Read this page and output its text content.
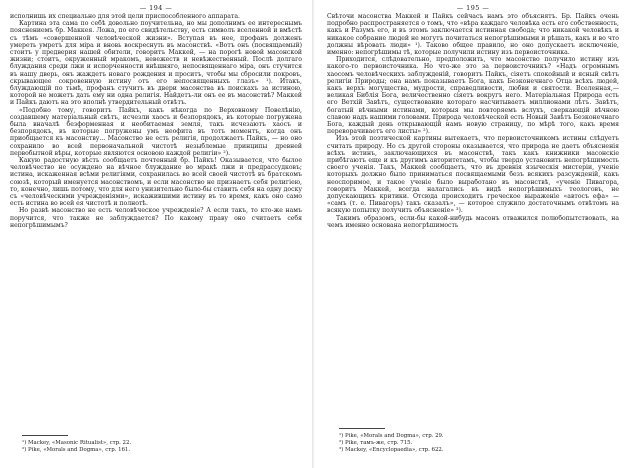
— 194 —

исполнишь их специально для этой цели приспособленного аппарата.

Картина эта сама по себѣ довольно поучительна, но мы дополнимъ ее интереснымъ пояснениемъ бр. Маккея. Ложа, по его свидѣтельству, есть символъ вселенной и вмѣстѣ съ тѣмъ «совершенной человѣческой жизни». Вступая въ нее, профанъ долженъ умереть умретъ для міра и вновь воскреснуть въ масонствѣ. «Вотъ онъ (посвящаемый) стоитъ у предверия нашей обители, говоритъ Маккей, — на порогѣ новой масонской жизни; стоитъ, окруженный мракомъ, невежеств и невѣжественный. Послѣ долгаго блуждания среди лжи и испорченности внѣшняго, непосвященнаго міра, онъ стучится въ нашу дверь, онъ жаждетъ новаго рождения и проситъ, чтобы мы сбросили покровъ, скрывающее сокровенную истину отъ его непосвященныхъ глазъ» ¹). Итакъ, блуждающій по тьмѣ, профанъ стучитъ въ двери масонства въ поискахъ за истиною, которой не можетъ дать ему ни одна религія. Найдетъ-ли онъ ее въ масонствѣ? Маккей и Пайкъ даютъ на это вполнѣ утвердительный отвѣтъ.

«Подобно тому, говоритъ Пайкъ, какъ нѣкогда по Верховному Повелѣнію, создавшему матеріальный свѣтъ, исчезли хаосъ и безпорядокъ, въ которые погружена была вначалѣ безформенная и необитаемая земля, такъ исчезаютъ хаосъ и безпорядокъ, въ которые погружены умъ неофита въ тотъ моментъ, когда онъ приобщается къ масонству... Масонство не есть религія, продолжаетъ Пайкъ, — но оно сохранило во всей первоначальной чистотѣ незыблемые принципы древней первобытной вѣры, которые являются основою каждой религіи» ²).

Какую радостную вѣсть сообщаетъ почтенный бр. Пайкъ! Оказывается, что былое человѣчество не осуждено на вѣчное блуждание во мракѣ лжи и предрассудковъ; истина, искаженная всѣми религіями, сохранилась во всей своей чистотѣ въ братскомъ союзѣ, который именуется масонствомъ, и если масонство не признаетъ себя религіею, то, конечно, лишь потому, что для него унизительно было-бы ставить себя на одну доску съ «человѣческими учрежденіями», искажившими истину въ то время, какъ оно само есть истина во всей ея чистотѣ и полнотѣ.

Но развѣ масонство не есть человѣческое учрежденіе? А если такъ, то кто-же намъ поручится, что также не заблуждается? По какому праву оно считаетъ себя непогрѣшимымъ?

¹) Mackey, «Masonic Ritualist», стр. 22.
²) Pike, «Morals and Dogma», стр. 161.
— 195 —

Свѣточи масонства Маккей и Пайкъ сейчасъ намъ это объяснятъ. Бр. Пайкъ очень подробно распространяется о томъ, что «вѣра каждаго человѣка есть его собственность, какъ и Разумъ его, и въ этомъ заключается истинная свобода; что никакой человѣкъ и никакое собрание людей не могутъ почитаться непогрѣшимыми и рѣшать, какъ и во что должны вѣровать люди» ¹). Таково общее правило, но оно допускаетъ исключеніе, именно: непогрѣшимы тѣ, которые получили истину изъ первоисточника.

Приходится, слѣдовательно, предположить, что масонство получило истину изъ какого-то первоисточника. Но что-же это за первоисточникъ? «Надъ огромнымъ хаосомъ человѣческихъ заблужденій, говоритъ Пайкъ, сіяетъ спокойный и ясный свѣтъ религіи Природы; она намъ показываетъ Бога, какъ Безконечнаго Отца всѣхъ людей, какъ верхъ могущества, мудрости, справедливости, любви и святости. Вселенная,—великая Библія Бога, величественно сіяетъ вокругъ него. Матеріальная Природа есть его Ветхій Завѣтъ, существование котораго насчитываетъ миллионами лѣтъ. Завѣтъ, богатый вѣчными истинами, которыя мы повторяемъ вслухъ, сверкающій вѣчною славою надъ нашими головами. Природа человѣческой есть Новый Завѣтъ Безконечнаго Бога, каждый день открывающій намъ новую страницу, по мѣрѣ того, какъ время переворачиваетъ его листы» ²).

Изъ этой поэтической картины вытекаетъ, что первоисточникомъ истины слѣдуетъ считать природу. Но съ другой стороны оказывается, что природа не даетъ объясненія всѣхъ истинъ, заключающихся въ масонствѣ, такъ какъ книжники масонскіе прибѣгаютъ еще и къ другимъ авторитетамъ, чтобы твердо установить непогрѣшимость своего ученія. Такъ, Маккей сообщаетъ, что въ древнія языческія мистеріи, ученіе которыхъ должно было приниматься посвящаемыми безъ всякихъ разсужденій, какъ неоспоримое, и такое ученіе было выработано въ масонствѣ, «ученіе Пивагора, говоритъ Маккей, всегда налагались въ видѣ непогрѣшимыхъ теологовъ, не допускающихъ критики. Отсюда происходитъ греческое выраженіе «автосъ ефа» — «самъ (т. е. Пивагоръ) такъ сказалъ», — которое служило достаточнымъ отвѣтомъ на всякую попытку получить объясненіе» ³).

Такимъ образомъ, если-бы какой-нибудь масонъ отважился полюбопытствовать, на чемъ именно основана непогрѣшимость

¹) Pike, «Morals and Dogma», стр. 29.
²) Pike, тамъ-же, стр. 715.
³) Mackey, «Encyclopaedia», стр. 622.
